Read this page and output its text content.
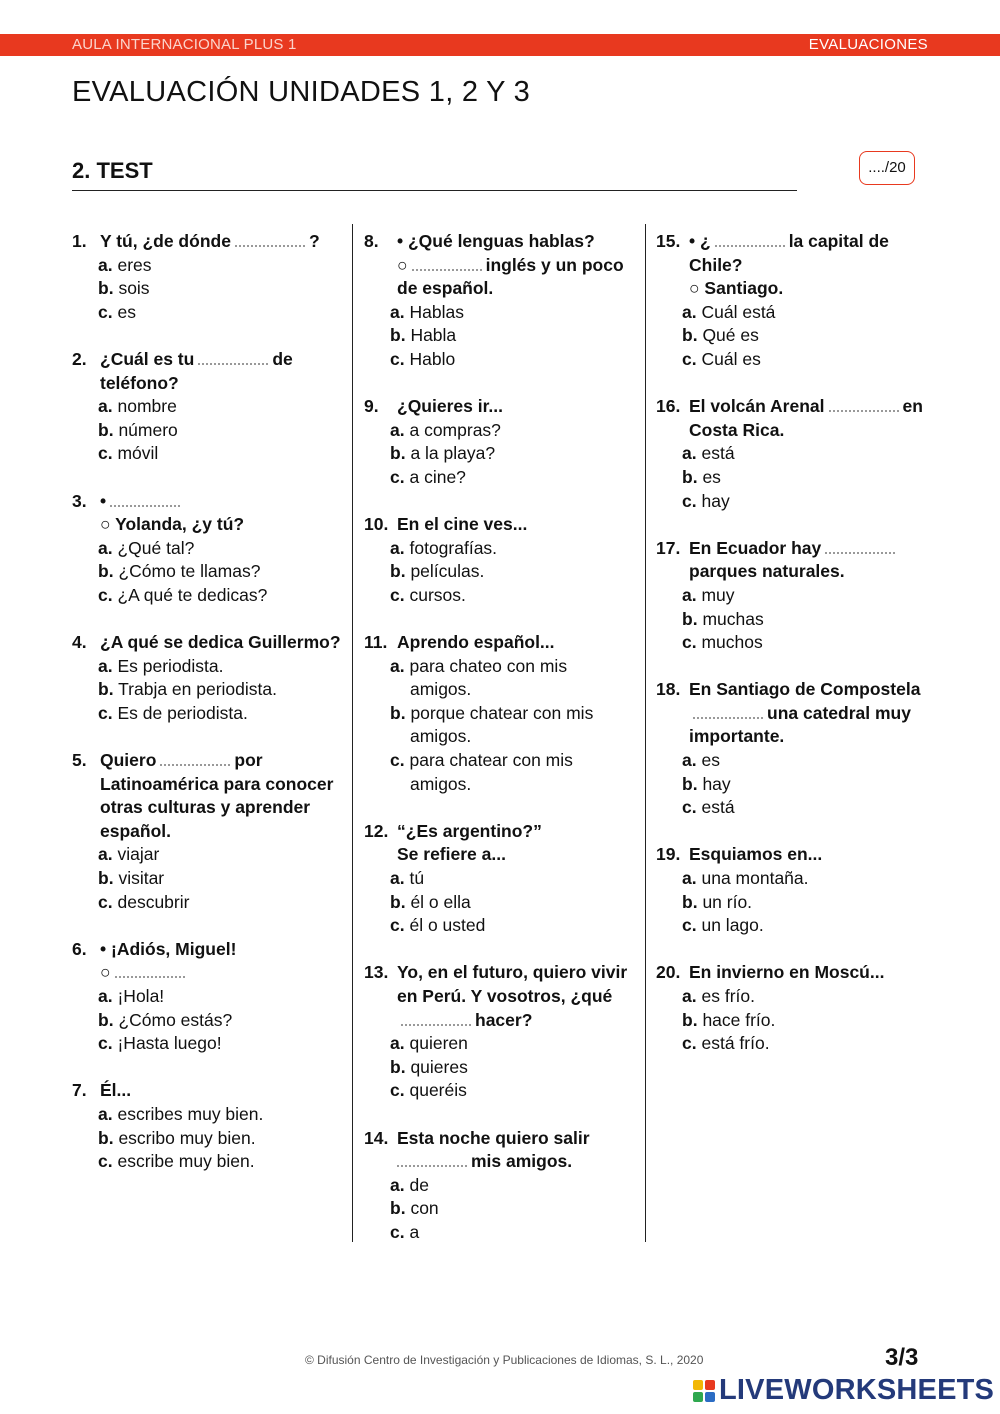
AULA INTERNACIONAL PLUS 1	EVALUACIONES
EVALUACIÓN UNIDADES 1, 2 Y 3
2. TEST	..../20
1. Y tú, ¿de dónde	?
a. eres
b. sois
c. es
2. ¿Cuál es tu	de teléfono?
a. nombre
b. número
c. móvil
3. •
○ Yolanda, ¿y tú?
a. ¿Qué tal?
b. ¿Cómo te llamas?
c. ¿A qué te dedicas?
4. ¿A qué se dedica Guillermo?
a. Es periodista.
b. Trabja en periodista.
c. Es de periodista.
5. Quiero	por Latinoamérica para conocer otras culturas y aprender español.
a. viajar
b. visitar
c. descubrir
6. • ¡Adiós, Miguel!
○
a. ¡Hola!
b. ¿Cómo estás?
c. ¡Hasta luego!
7. Él...
a. escribes muy bien.
b. escribo muy bien.
c. escribe muy bien.
8.	• ¿Qué lenguas hablas?
○	inglés y un poco de español.
a. Hablas
b. Habla
c. Hablo
9.	¿Quieres ir...
a. a compras?
b. a la playa?
c. a cine?
10. En el cine ves...
a. fotografías.
b. películas.
c. cursos.
11. Aprendo español...
a. para chateo con mis
amigos.
b. porque chatear con mis
amigos.
c. para chatear con mis
amigos.
12. “¿Es argentino?”
Se refiere a...
a. tú
b. él o ella
c. él o usted
13. Yo, en el futuro, quiero vivir en Perú. Y vosotros, ¿quéhacer?
a. quieren
b. quieres
c. queréis
14. Esta noche quiero salir
mis amigos.
a. de
b. con
c. a
15. • ¿	la capital de Chile?
○ Santiago.
a. Cuál está
b. Qué es
c. Cuál es
16. El volcán Arenal	en Costa Rica.
a. está
b. es
c. hay
17. En Ecuador hayparques naturales.
a. muy
b. muchas
c. muchos
18. En Santiago de Compostelauna catedral muy importante.
a. es
b. hay
c. está
19. Esquiamos en...
a. una montaña.
b. un río.
c. un lago.
20. En invierno en Moscú...
a. es frío.
b. hace frío.
c. está frío.
© Difusión Centro de Investigación y Publicaciones de Idiomas, S. L., 2020	3/3
LIVEWORKSHEETS
